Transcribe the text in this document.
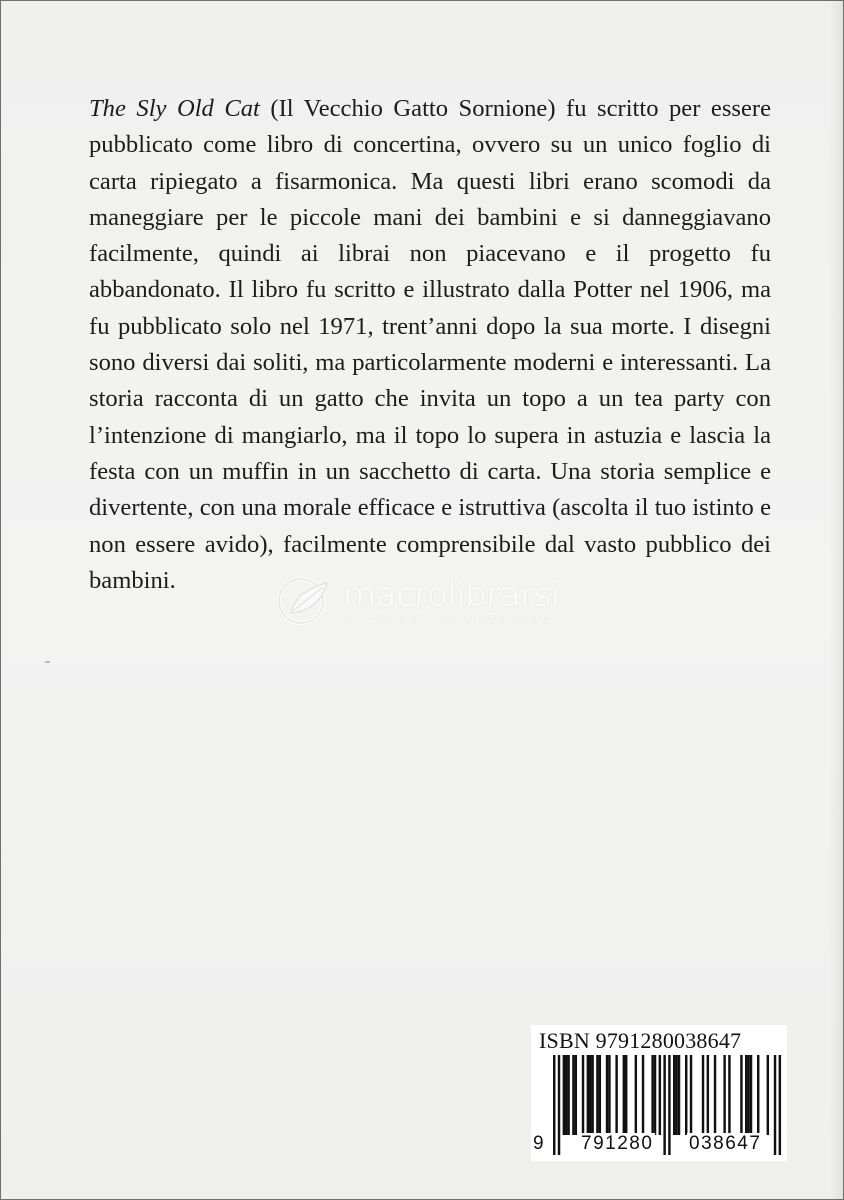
The Sly Old Cat (Il Vecchio Gatto Sornione) fu scritto per essere pubblicato come libro di concertina, ovvero su un unico foglio di carta ripiegato a fisarmonica. Ma questi libri erano scomodi da maneggiare per le piccole mani dei bambini e si danneggiavano facilmente, quindi ai librai non piacevano e il progetto fu abbandonato. Il libro fu scritto e illustrato dalla Potter nel 1906, ma fu pubblicato solo nel 1971, trent’anni dopo la sua morte. I disegni sono diversi dai soliti, ma particolarmente moderni e interessanti. La storia racconta di un gatto che invita un topo a un tea party con l’intenzione di mangiarlo, ma il topo lo supera in astuzia e lascia la festa con un muffin in un sacchetto di carta. Una storia semplice e divertente, con una morale efficace e istruttiva (ascolta il tuo istinto e non essere avido), facilmente comprensibile dal vasto pubblico dei bambini.	macrolibrarsi
ALTERNATIVA NATURALE
ISBN 9791280038647
9 791280 038647
